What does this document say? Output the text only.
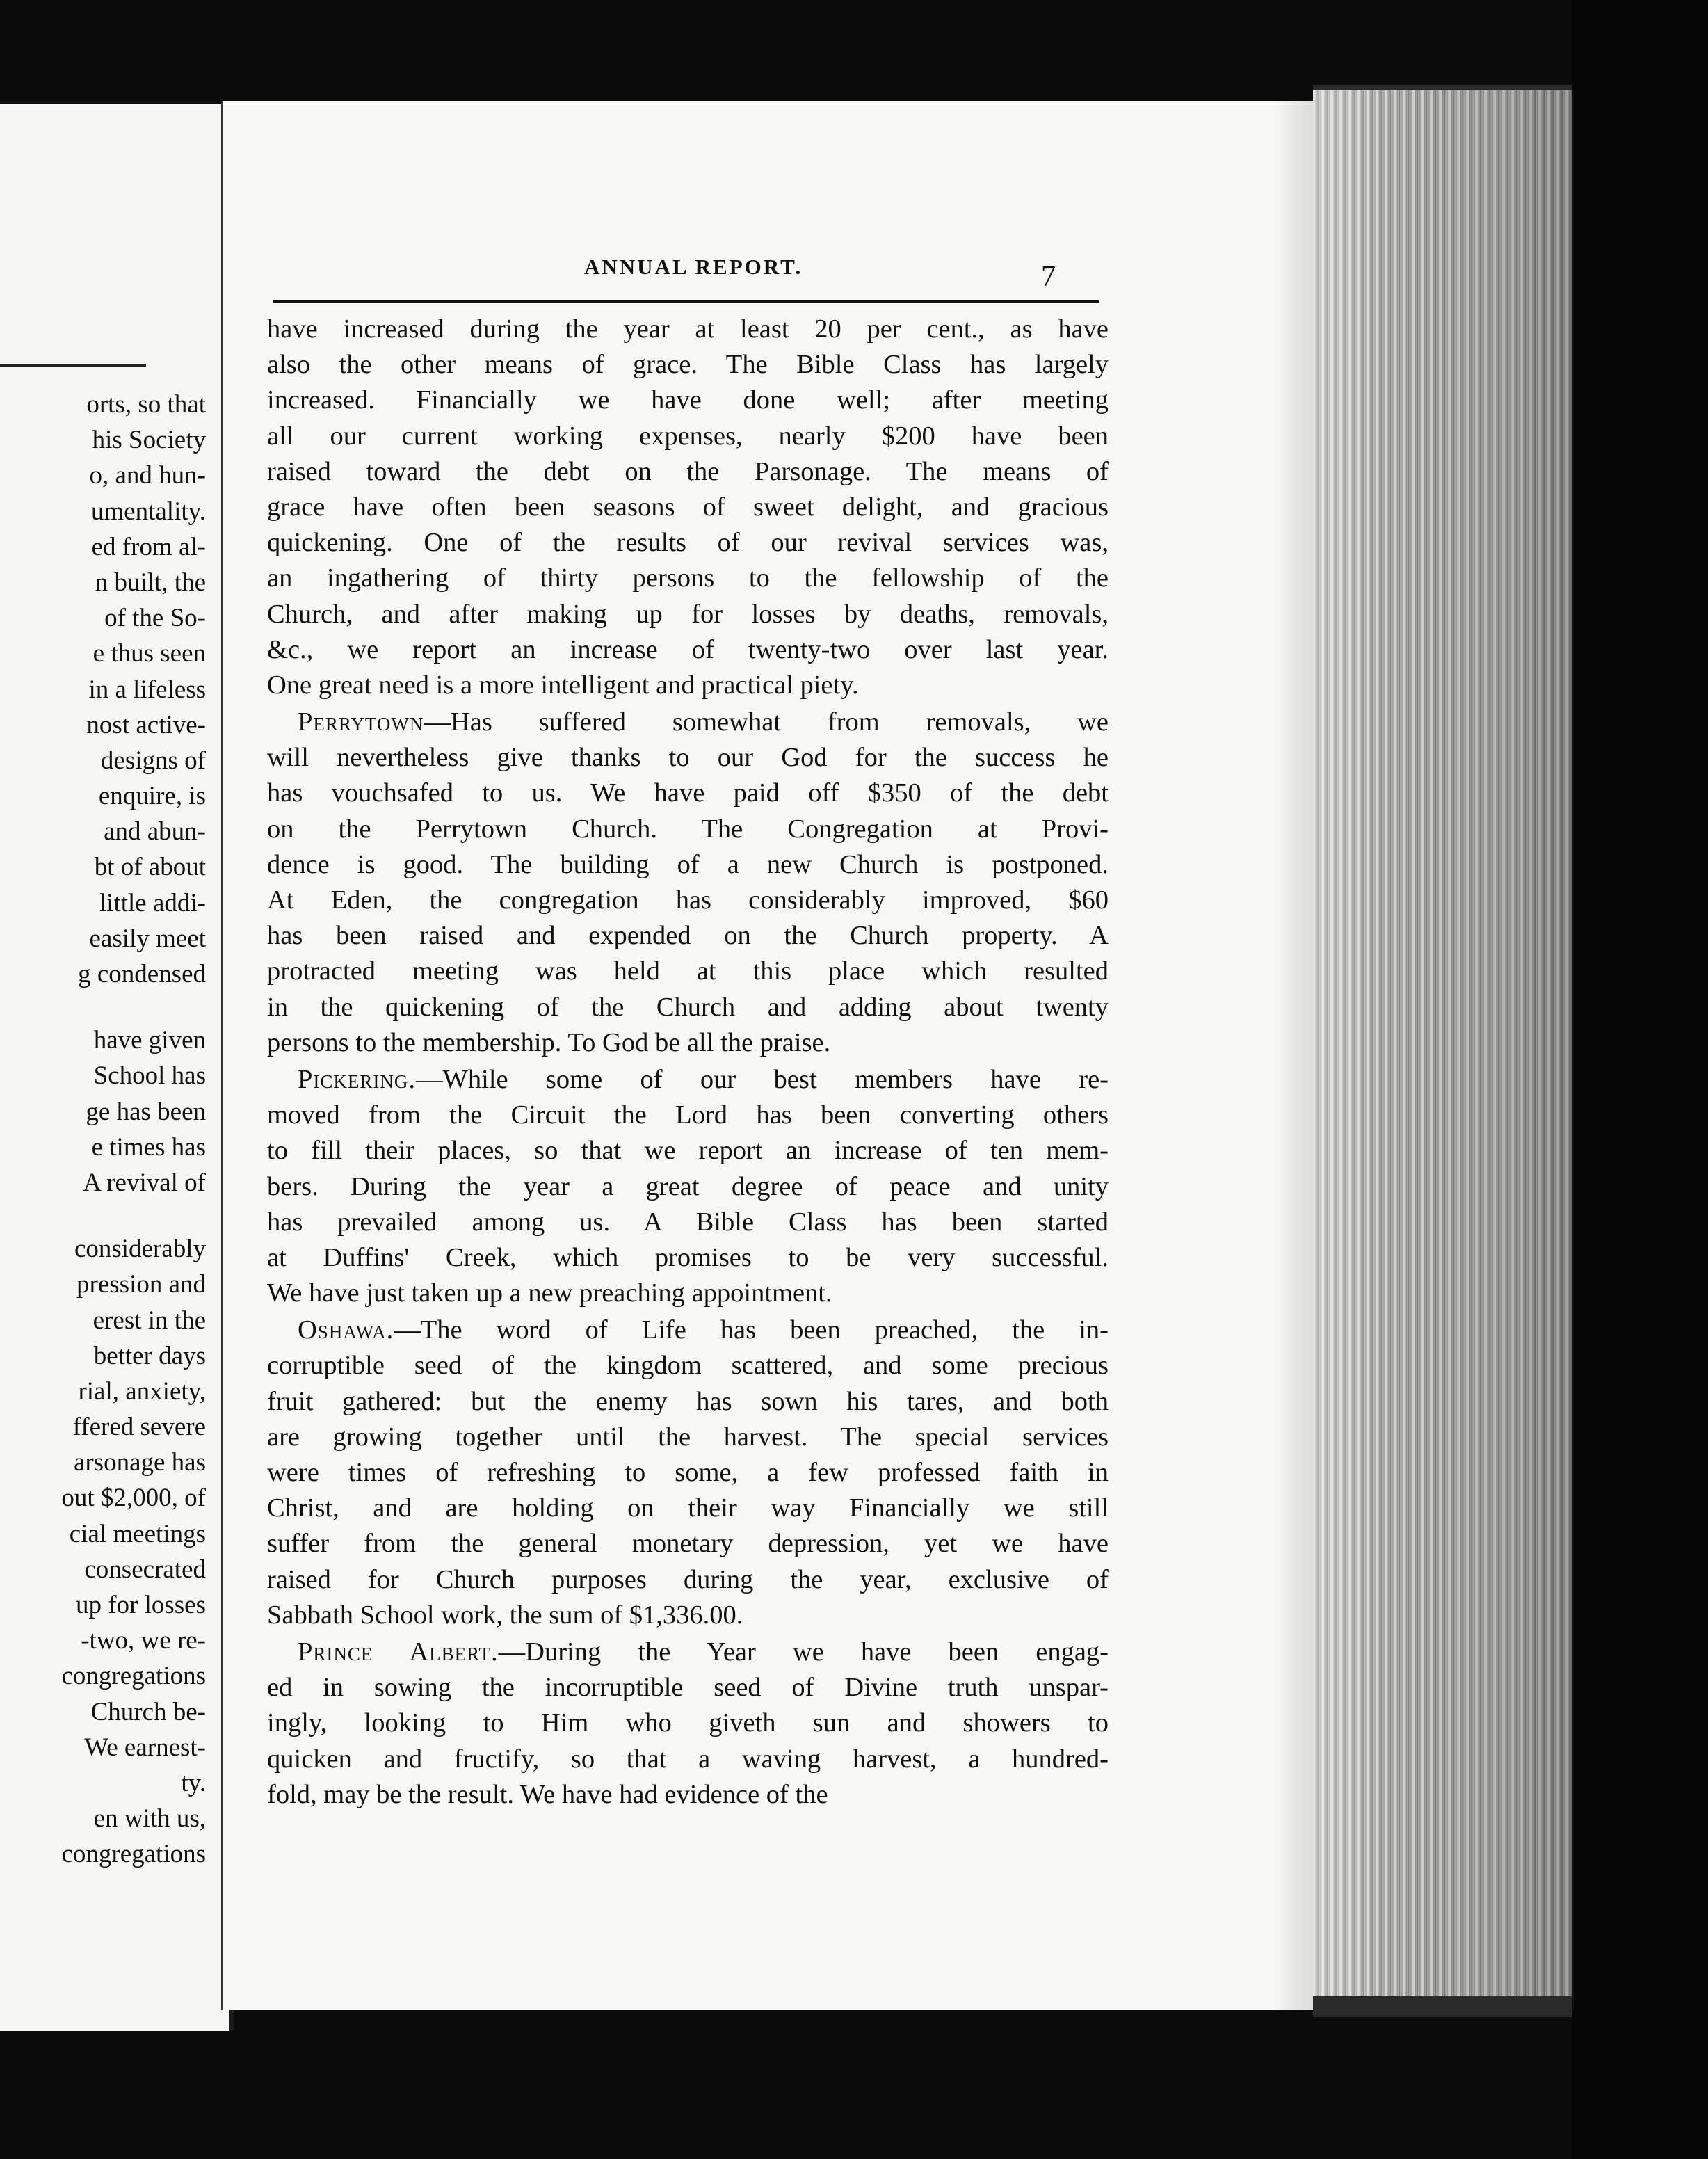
orts, so that
his Society
o, and hun-
umentality.
ed from al-
n built, the
of the So-
e thus seen
in a lifeless
nost active-
designs of
enquire, is
and abun-
bt of about
little addi-
easily meet
g condensed
have given
School has
ge has been
e times has
A revival of
considerably
pression and
erest in the
better days
rial, anxiety,
ffered severe
arsonage has
out $2,000, of
cial meetings
consecrated
up for losses
-two, we re-
congregations
Church be-
We earnest-
ty.
en with us,
congregations
ANNUAL REPORT.	7
have increased during the year at least 20 per cent., as have
also the other means of grace. The Bible Class has largely
increased. Financially we have done well; after meeting
all our current working expenses, nearly $200 have been
raised toward the debt on the Parsonage. The means of
grace have often been seasons of sweet delight, and gracious
quickening. One of the results of our revival services was,
an ingathering of thirty persons to the fellowship of the
Church, and after making up for losses by deaths, removals,
&c., we report an increase of twenty-two over last year.
One great need is a more intelligent and practical piety.
Perrytown—Has suffered somewhat from removals, we
will nevertheless give thanks to our God for the success he
has vouchsafed to us. We have paid off $350 of the debt
on the Perrytown Church. The Congregation at Provi-
dence is good. The building of a new Church is postponed.
At Eden, the congregation has considerably improved, $60
has been raised and expended on the Church property. A
protracted meeting was held at this place which resulted
in the quickening of the Church and adding about twenty
persons to the membership. To God be all the praise.
Pickering.—While some of our best members have re-
moved from the Circuit the Lord has been converting others
to fill their places, so that we report an increase of ten mem-
bers. During the year a great degree of peace and unity
has prevailed among us. A Bible Class has been started
at Duffins' Creek, which promises to be very successful.
We have just taken up a new preaching appointment.
Oshawa.—The word of Life has been preached, the in-
corruptible seed of the kingdom scattered, and some precious
fruit gathered: but the enemy has sown his tares, and both
are growing together until the harvest. The special services
were times of refreshing to some, a few professed faith in
Christ, and are holding on their way Financially we still
suffer from the general monetary depression, yet we have
raised for Church purposes during the year, exclusive of
Sabbath School work, the sum of $1,336.00.
Prince Albert.—During the Year we have been engag-
ed in sowing the incorruptible seed of Divine truth unspar-
ingly, looking to Him who giveth sun and showers to
quicken and fructify, so that a waving harvest, a hundred-
fold, may be the result. We have had evidence of the
